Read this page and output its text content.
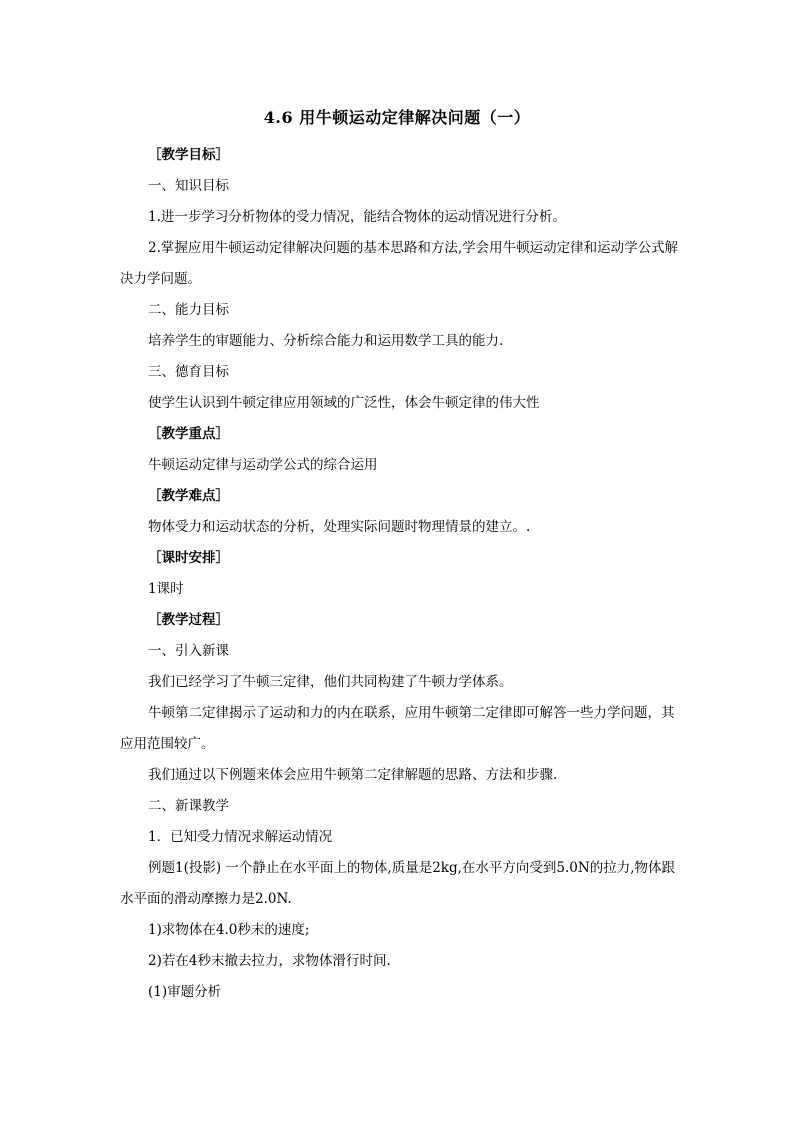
4.6 用牛顿运动定律解决问题（一）

［教学目标］

一、知识目标

1.进一步学习分析物体的受力情况，能结合物体的运动情况进行分析。

2.掌握应用牛顿运动定律解决问题的基本思路和方法,学会用牛顿运动定律和运动学公式解决力学问题。

二、能力目标

培养学生的审题能力、分析综合能力和运用数学工具的能力.

三、德育目标

使学生认识到牛顿定律应用领域的广泛性，体会牛顿定律的伟大性

［教学重点］

牛顿运动定律与运动学公式的综合运用

［教学难点］

物体受力和运动状态的分析，处理实际问题时物理情景的建立。.

［课时安排］

1课时

［教学过程］

一、引入新课

我们已经学习了牛顿三定律，他们共同构建了牛顿力学体系。

牛顿第二定律揭示了运动和力的内在联系，应用牛顿第二定律即可解答一些力学问题，其应用范围较广。

我们通过以下例题来体会应用牛顿第二定律解题的思路、方法和步骤.

二、新课教学

1．已知受力情况求解运动情况

例题1(投影) 一个静止在水平面上的物体,质量是2kg,在水平方向受到5.0N的拉力,物体跟水平面的滑动摩擦力是2.0N.

1)求物体在4.0秒末的速度;

2)若在4秒末撤去拉力，求物体滑行时间.

(1)审题分析
